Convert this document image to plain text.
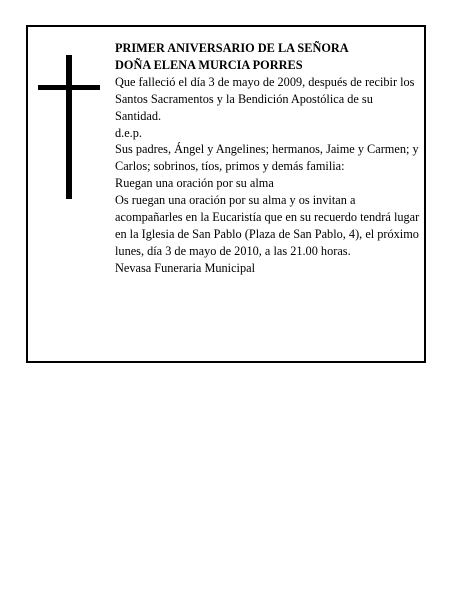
PRIMER ANIVERSARIO DE LA SEÑORA

DOÑA ELENA MURCIA PORRES

Que falleció el día 3 de mayo de 2009, después de recibir los Santos Sacramentos y la Bendición Apostólica de su Santidad.

d.e.p.

Sus padres, Ángel y Angelines; hermanos, Jaime y Carmen; y Carlos; sobrinos, tíos, primos y demás familia:

Ruegan una oración por su alma

Os ruegan una oración por su alma y os invitan a acompañarles en la Eucaristía que en su recuerdo tendrá lugar en la Iglesia de San Pablo (Plaza de San Pablo, 4), el próximo lunes, día 3 de mayo de 2010, a las 21.00 horas.

Nevasa Funeraria Municipal
